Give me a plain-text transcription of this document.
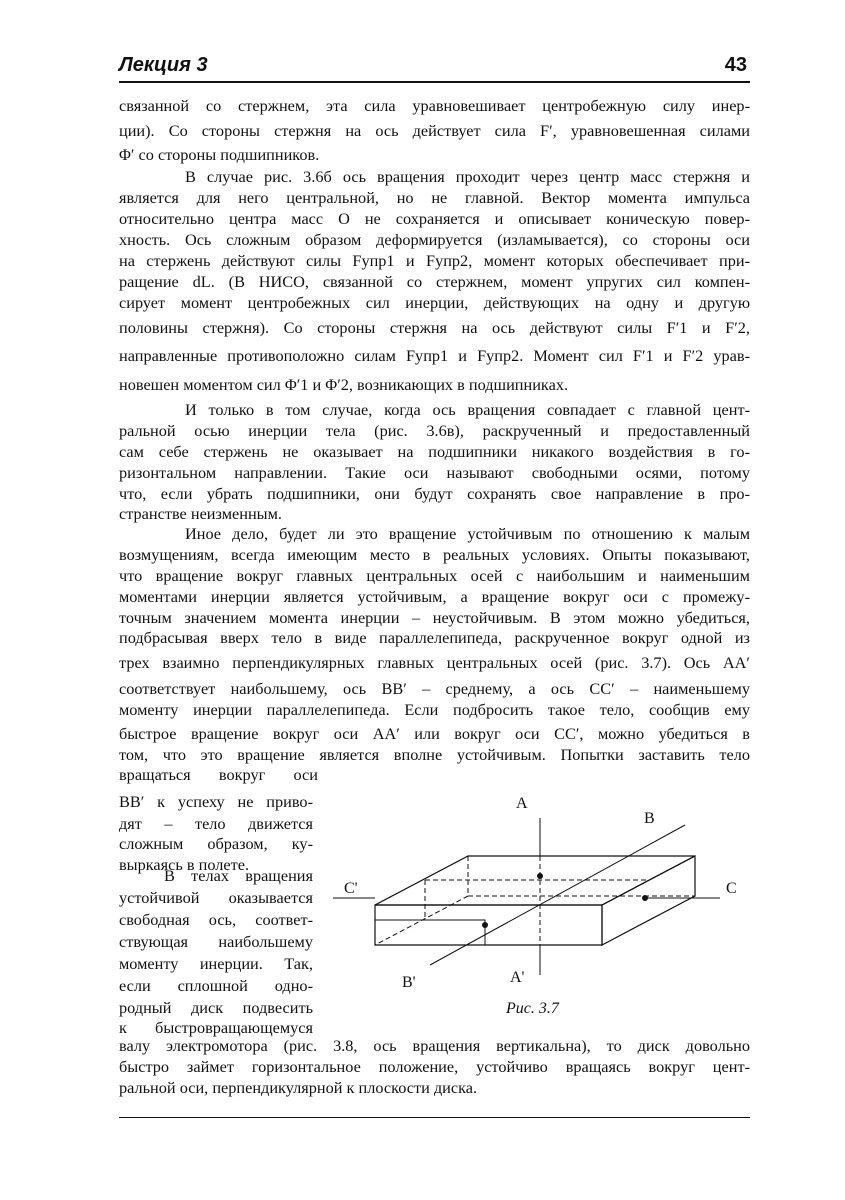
Лекция 3	43
связанной со стержнем, эта сила уравновешивает центробежную силу инер-
ции). Со стороны стержня на ось действует сила F′, уравновешенная силами
Φ′ со стороны подшипников.
В случае рис. 3.6б ось вращения проходит через центр масс стержня и
является для него центральной, но не главной. Вектор момента импульса
относительно центра масс O не сохраняется и описывает коническую повер-
хность. Ось сложным образом деформируется (изламывается), со стороны оси
на стержень действуют силы Fупр1 и Fупр2, момент которых обеспечивает при-
ращение dL. (В НИСО, связанной со стержнем, момент упругих сил компен-
сирует момент центробежных сил инерции, действующих на одну и другую
половины стержня). Со стороны стержня на ось действуют силы F′1 и F′2,
направленные противоположно силам Fупр1 и Fупр2. Момент сил F′1 и F′2 урав-
новешен моментом сил Φ′1 и Φ′2, возникающих в подшипниках.
И только в том случае, когда ось вращения совпадает с главной цент-
ральной осью инерции тела (рис. 3.6в), раскрученный и предоставленный
сам себе стержень не оказывает на подшипники никакого воздействия в го-
ризонтальном направлении. Такие оси называют свободными осями, потому
что, если убрать подшипники, они будут сохранять свое направление в про-
странстве неизменным.
Иное дело, будет ли это вращение устойчивым по отношению к малым
возмущениям, всегда имеющим место в реальных условиях. Опыты показывают,
что вращение вокруг главных центральных осей с наибольшим и наименьшим
моментами инерции является устойчивым, а вращение вокруг оси с промежу-
точным значением момента инерции – неустойчивым. В этом можно убедиться,
подбрасывая вверх тело в виде параллелепипеда, раскрученное вокруг одной из
трех взаимно перпендикулярных главных центральных осей (рис. 3.7). Ось AA′
соответствует наибольшему, ось BB′ – среднему, а ось CC′ – наименьшему
моменту инерции параллелепипеда. Если подбросить такое тело, сообщив ему
быстрое вращение вокруг оси AA′ или вокруг оси CC′, можно убедиться в
том, что это вращение является вполне устойчивым. Попытки заставить тело
вращаться вокруг оси
BB′ к успеху не приво-
дят – тело движется
сложным образом, ку-
выркаясь в полете.
В телах вращения
устойчивой оказывается
свободная ось, соответ-
ствующая наибольшему
моменту инерции. Так,
если сплошной одно-
родный диск подвесить
к быстровращающемуся
валу электромотора (рис. 3.8, ось вращения вертикальна), то диск довольно
быстро займет горизонтальное положение, устойчиво вращаясь вокруг цент-
ральной оси, перпендикулярной к плоскости диска.
A
B
C'	C
B'	A'
Рис. 3.7
